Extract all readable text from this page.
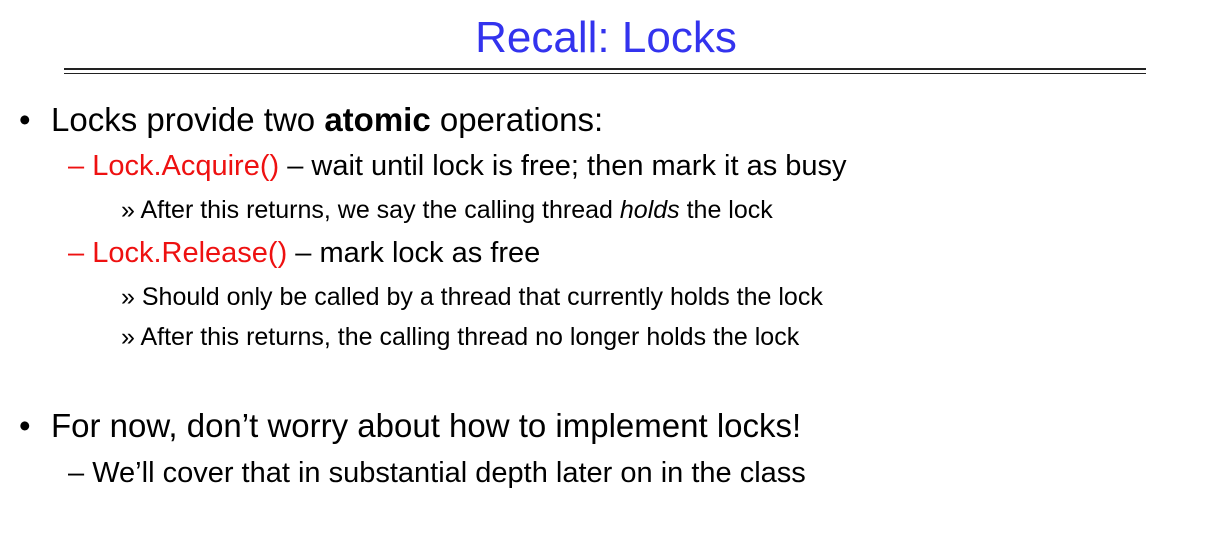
Recall: Locks
• Locks provide two atomic operations:
– Lock.Acquire() – wait until lock is free; then mark it as busy
» After this returns, we say the calling thread holds the lock
– Lock.Release() – mark lock as free
» Should only be called by a thread that currently holds the lock
» After this returns, the calling thread no longer holds the lock
• For now, don’t worry about how to implement locks!
– We’ll cover that in substantial depth later on in the class
